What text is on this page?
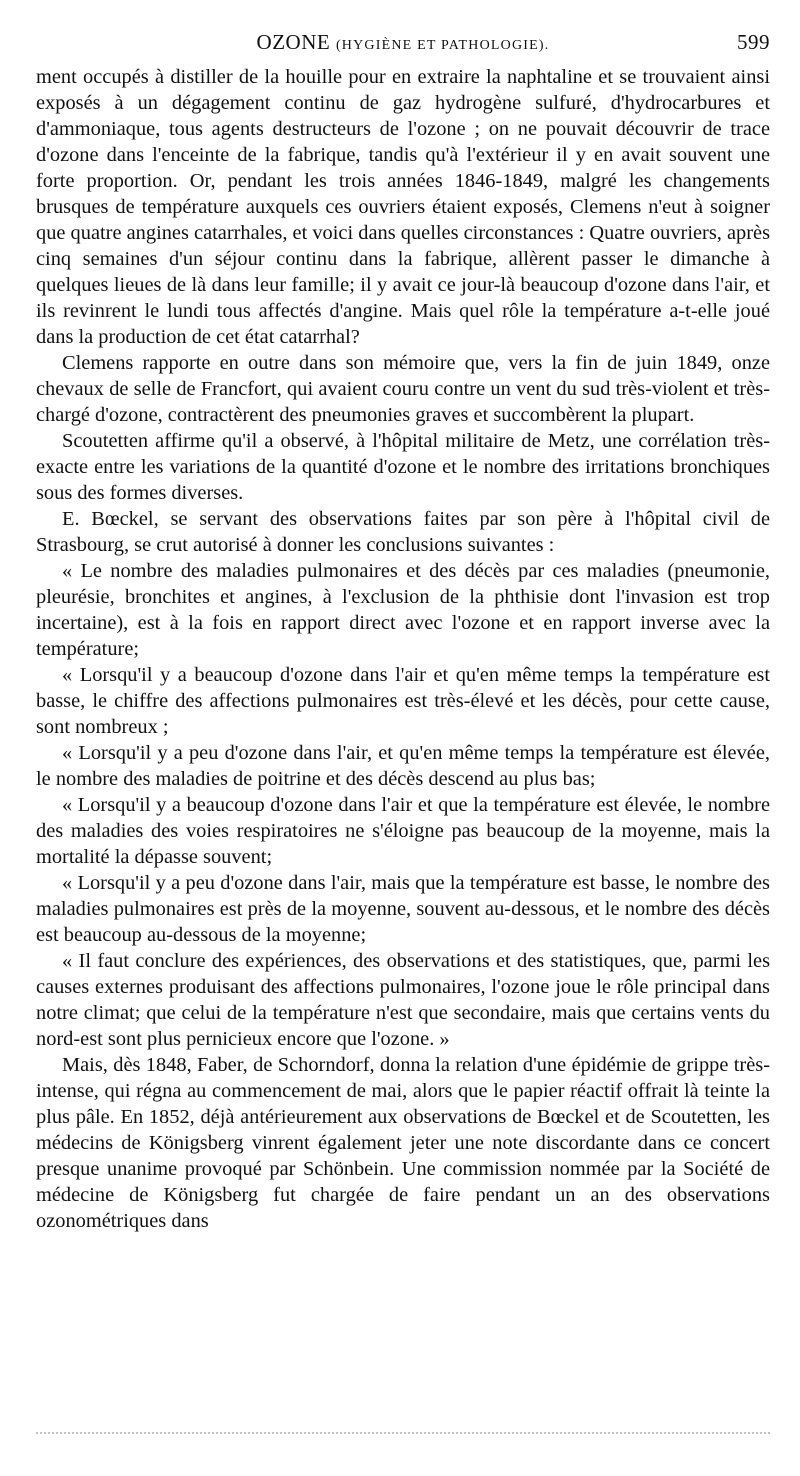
OZONE (HYGIÈNE ET PATHOLOGIE).	599

ment occupés à distiller de la houille pour en extraire la naphtaline et se trouvaient ainsi exposés à un dégagement continu de gaz hydrogène sulfuré, d'hydrocarbures et d'ammoniaque, tous agents destructeurs de l'ozone ; on ne pouvait découvrir de trace d'ozone dans l'enceinte de la fabrique, tandis qu'à l'extérieur il y en avait souvent une forte proportion. Or, pendant les trois années 1846-1849, malgré les changements brusques de température auxquels ces ouvriers étaient exposés, Clemens n'eut à soigner que quatre angines catarrhales, et voici dans quelles circonstances : Quatre ouvriers, après cinq semaines d'un séjour continu dans la fabrique, allèrent passer le dimanche à quelques lieues de là dans leur famille; il y avait ce jour-là beaucoup d'ozone dans l'air, et ils revinrent le lundi tous affectés d'angine. Mais quel rôle la température a-t-elle joué dans la production de cet état catarrhal?

Clemens rapporte en outre dans son mémoire que, vers la fin de juin 1849, onze chevaux de selle de Francfort, qui avaient couru contre un vent du sud très-violent et très-chargé d'ozone, contractèrent des pneumonies graves et succombèrent la plupart.

Scoutetten affirme qu'il a observé, à l'hôpital militaire de Metz, une corrélation très-exacte entre les variations de la quantité d'ozone et le nombre des irritations bronchiques sous des formes diverses.

E. Bœckel, se servant des observations faites par son père à l'hôpital civil de Strasbourg, se crut autorisé à donner les conclusions suivantes :

« Le nombre des maladies pulmonaires et des décès par ces maladies (pneumonie, pleurésie, bronchites et angines, à l'exclusion de la phthisie dont l'invasion est trop incertaine), est à la fois en rapport direct avec l'ozone et en rapport inverse avec la température;

« Lorsqu'il y a beaucoup d'ozone dans l'air et qu'en même temps la température est basse, le chiffre des affections pulmonaires est très-élevé et les décès, pour cette cause, sont nombreux ;

« Lorsqu'il y a peu d'ozone dans l'air, et qu'en même temps la température est élevée, le nombre des maladies de poitrine et des décès descend au plus bas;

« Lorsqu'il y a beaucoup d'ozone dans l'air et que la température est élevée, le nombre des maladies des voies respiratoires ne s'éloigne pas beaucoup de la moyenne, mais la mortalité la dépasse souvent;

« Lorsqu'il y a peu d'ozone dans l'air, mais que la température est basse, le nombre des maladies pulmonaires est près de la moyenne, souvent au-dessous, et le nombre des décès est beaucoup au-dessous de la moyenne;

« Il faut conclure des expériences, des observations et des statistiques, que, parmi les causes externes produisant des affections pulmonaires, l'ozone joue le rôle principal dans notre climat; que celui de la température n'est que secondaire, mais que certains vents du nord-est sont plus pernicieux encore que l'ozone. »

Mais, dès 1848, Faber, de Schorndorf, donna la relation d'une épidémie de grippe très-intense, qui régna au commencement de mai, alors que le papier réactif offrait là teinte la plus pâle. En 1852, déjà antérieurement aux observations de Bœckel et de Scoutetten, les médecins de Königsberg vinrent également jeter une note discordante dans ce concert presque unanime provoqué par Schönbein. Une commission nommée par la Société de médecine de Königsberg fut chargée de faire pendant un an des observations ozonométriques dans
